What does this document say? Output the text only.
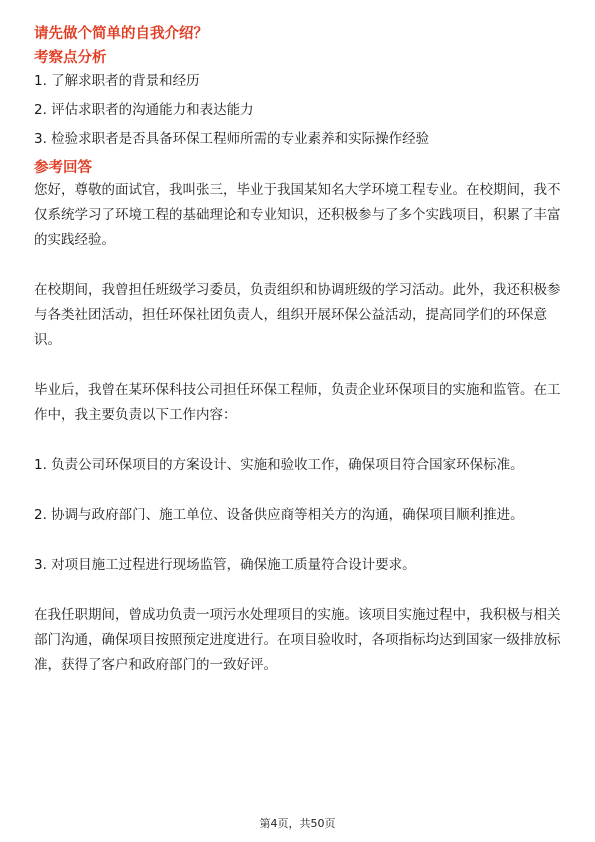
请先做个简单的自我介绍？
考察点分析
1. 了解求职者的背景和经历
2. 评估求职者的沟通能力和表达能力
3. 检验求职者是否具备环保工程师所需的专业素养和实际操作经验
参考回答

您好，尊敬的面试官，我叫张三，毕业于我国某知名大学环境工程专业。在校期间，我不仅系统学习了环境工程的基础理论和专业知识，还积极参与了多个实践项目，积累了丰富的实践经验。

在校期间，我曾担任班级学习委员，负责组织和协调班级的学习活动。此外，我还积极参与各类社团活动，担任环保社团负责人，组织开展环保公益活动，提高同学们的环保意识。

毕业后，我曾在某环保科技公司担任环保工程师，负责企业环保项目的实施和监管。在工作中，我主要负责以下工作内容：

1. 负责公司环保项目的方案设计、实施和验收工作，确保项目符合国家环保标准。

2. 协调与政府部门、施工单位、设备供应商等相关方的沟通，确保项目顺利推进。

3. 对项目施工过程进行现场监管，确保施工质量符合设计要求。

在我任职期间，曾成功负责一项污水处理项目的实施。该项目实施过程中，我积极与相关部门沟通，确保项目按照预定进度进行。在项目验收时，各项指标均达到国家一级排放标准，获得了客户和政府部门的一致好评。

第4页，共50页
